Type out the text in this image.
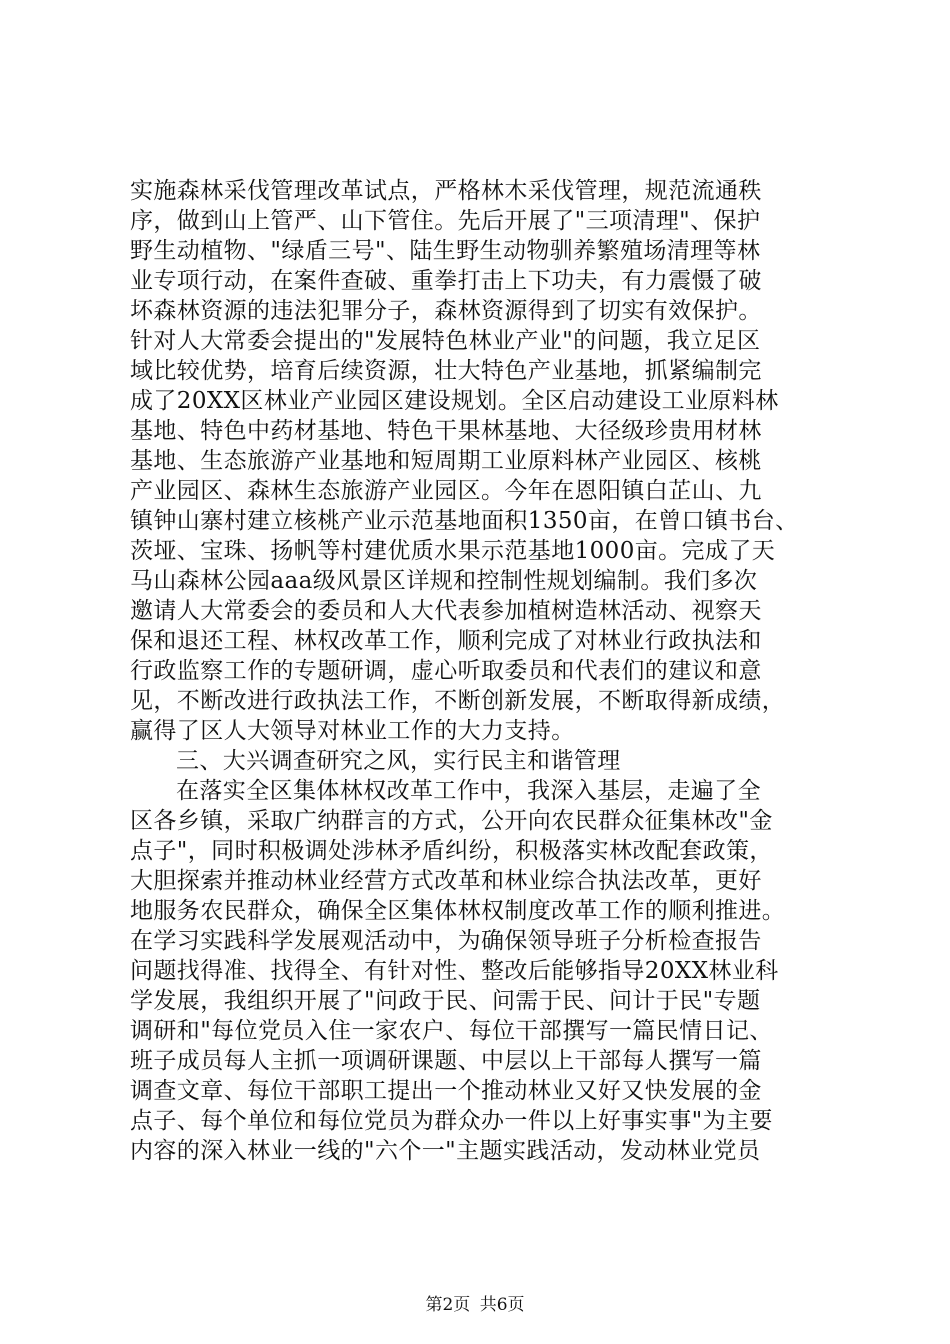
实施森林采伐管理改革试点，严格林木采伐管理，规范流通秩
序，做到山上管严、山下管住。先后开展了"三项清理"、保护
野生动植物、"绿盾三号"、陆生野生动物驯养繁殖场清理等林
业专项行动，在案件查破、重拳打击上下功夫，有力震慑了破
坏森林资源的违法犯罪分子，森林资源得到了切实有效保护。
针对人大常委会提出的"发展特色林业产业"的问题，我立足区
域比较优势，培育后续资源，壮大特色产业基地，抓紧编制完
成了20XX区林业产业园区建设规划。全区启动建设工业原料林
基地、特色中药材基地、特色干果林基地、大径级珍贵用材林
基地、生态旅游产业基地和短周期工业原料林产业园区、核桃
产业园区、森林生态旅游产业园区。今年在恩阳镇白芷山、九
镇钟山寨村建立核桃产业示范基地面积1350亩，在曾口镇书台、
茨垭、宝珠、扬帆等村建优质水果示范基地1000亩。完成了天
马山森林公园aaa级风景区详规和控制性规划编制。我们多次
邀请人大常委会的委员和人大代表参加植树造林活动、视察天
保和退还工程、林权改革工作，顺利完成了对林业行政执法和
行政监察工作的专题研调，虚心听取委员和代表们的建议和意
见，不断改进行政执法工作，不断创新发展，不断取得新成绩，
赢得了区人大领导对林业工作的大力支持。
三、大兴调查研究之风，实行民主和谐管理
在落实全区集体林权改革工作中，我深入基层，走遍了全
区各乡镇，采取广纳群言的方式，公开向农民群众征集林改"金
点子"，同时积极调处涉林矛盾纠纷，积极落实林改配套政策，
大胆探索并推动林业经营方式改革和林业综合执法改革，更好
地服务农民群众，确保全区集体林权制度改革工作的顺利推进。
在学习实践科学发展观活动中，为确保领导班子分析检查报告
问题找得准、找得全、有针对性、整改后能够指导20XX林业科
学发展，我组织开展了"问政于民、问需于民、问计于民"专题
调研和"每位党员入住一家农户、每位干部撰写一篇民情日记、
班子成员每人主抓一项调研课题、中层以上干部每人撰写一篇
调查文章、每位干部职工提出一个推动林业又好又快发展的金
点子、每个单位和每位党员为群众办一件以上好事实事"为主要
内容的深入林业一线的"六个一"主题实践活动，发动林业党员
第2页 共6页
